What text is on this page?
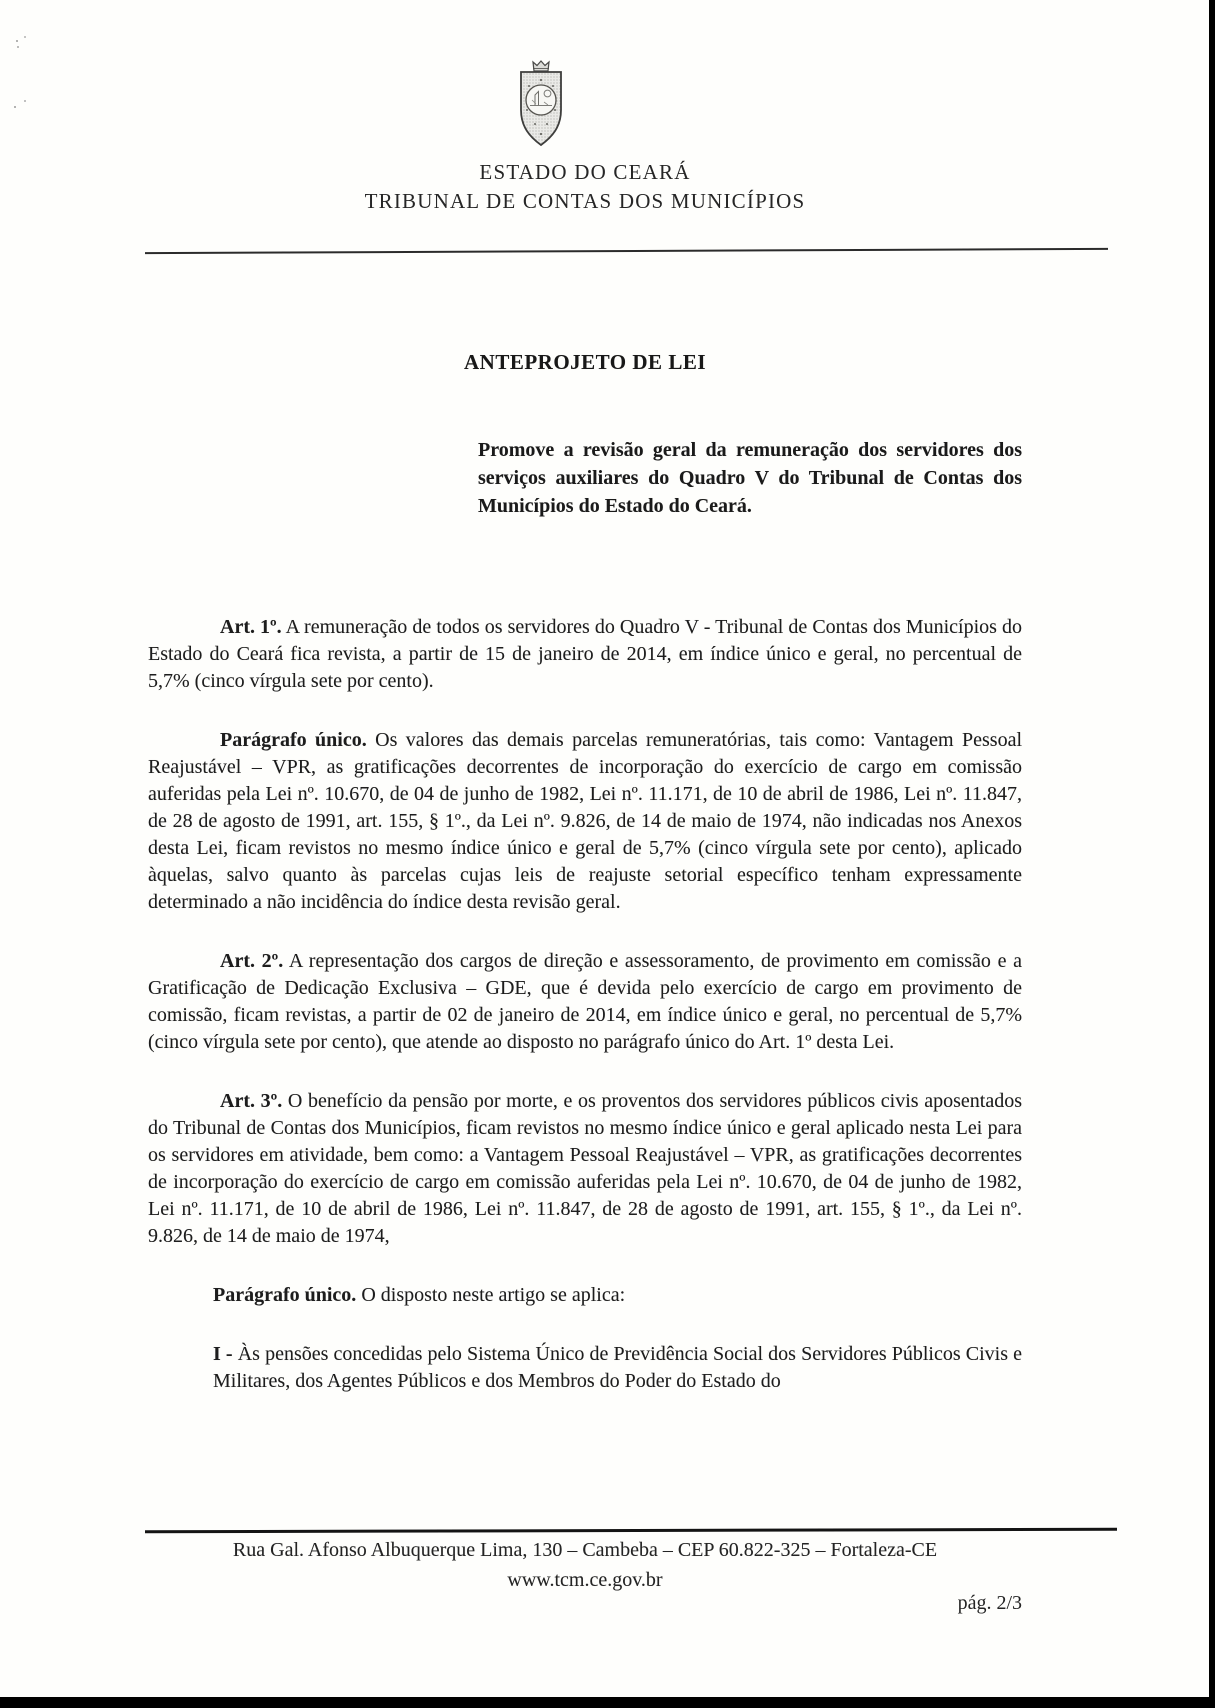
ESTADO DO CEARÁ
TRIBUNAL DE CONTAS DOS MUNICÍPIOS
ANTEPROJETO DE LEI

Promove a revisão geral da remuneração dos servidores dos serviços auxiliares do Quadro V do Tribunal de Contas dos Municípios do Estado do Ceará.

Art. 1º. A remuneração de todos os servidores do Quadro V - Tribunal de Contas dos Municípios do Estado do Ceará fica revista, a partir de 15 de janeiro de 2014, em índice único e geral, no percentual de 5,7% (cinco vírgula sete por cento).

Parágrafo único. Os valores das demais parcelas remuneratórias, tais como: Vantagem Pessoal Reajustável – VPR, as gratificações decorrentes de incorporação do exercício de cargo em comissão auferidas pela Lei nº. 10.670, de 04 de junho de 1982, Lei nº. 11.171, de 10 de abril de 1986, Lei nº. 11.847, de 28 de agosto de 1991, art. 155, § 1º., da Lei nº. 9.826, de 14 de maio de 1974, não indicadas nos Anexos desta Lei, ficam revistos no mesmo índice único e geral de 5,7% (cinco vírgula sete por cento), aplicado àquelas, salvo quanto às parcelas cujas leis de reajuste setorial específico tenham expressamente determinado a não incidência do índice desta revisão geral.

Art. 2º. A representação dos cargos de direção e assessoramento, de provimento em comissão e a Gratificação de Dedicação Exclusiva – GDE, que é devida pelo exercício de cargo em provimento de comissão, ficam revistas, a partir de 02 de janeiro de 2014, em índice único e geral, no percentual de 5,7% (cinco vírgula sete por cento), que atende ao disposto no parágrafo único do Art. 1º desta Lei.

Art. 3º. O benefício da pensão por morte, e os proventos dos servidores públicos civis aposentados do Tribunal de Contas dos Municípios, ficam revistos no mesmo índice único e geral aplicado nesta Lei para os servidores em atividade, bem como: a Vantagem Pessoal Reajustável – VPR, as gratificações decorrentes de incorporação do exercício de cargo em comissão auferidas pela Lei nº. 10.670, de 04 de junho de 1982, Lei nº. 11.171, de 10 de abril de 1986, Lei nº. 11.847, de 28 de agosto de 1991, art. 155, § 1º., da Lei nº. 9.826, de 14 de maio de 1974,

Parágrafo único. O disposto neste artigo se aplica:

I - Às pensões concedidas pelo Sistema Único de Previdência Social dos Servidores Públicos Civis e Militares, dos Agentes Públicos e dos Membros do Poder do Estado do

Rua Gal. Afonso Albuquerque Lima, 130 – Cambeba – CEP 60.822-325 – Fortaleza-CE
www.tcm.ce.gov.br
pág. 2/3
